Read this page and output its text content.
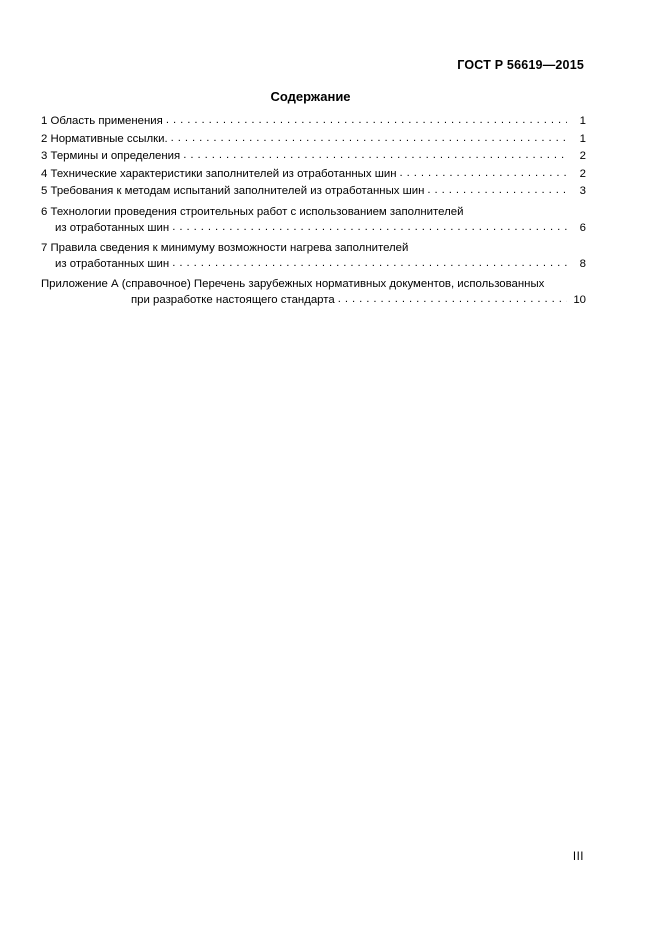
ГОСТ Р 56619—2015
Содержание
1 Область применения . . .	1
2 Нормативные ссылки. . . .	1
3 Термины и определения . . .	2
4 Технические характеристики заполнителей из отработанных шин . . .	2
5 Требования к методам испытаний заполнителей из отработанных шин . . .	3
6 Технологии проведения строительных работ с использованием заполнителей
из отработанных шин . . .	6
7 Правила сведения к минимуму возможности нагрева заполнителей
из отработанных шин . . .	8
Приложение А (справочное) Перечень зарубежных нормативных документов, использованных
при разработке настоящего стандарта . . .	10
III
